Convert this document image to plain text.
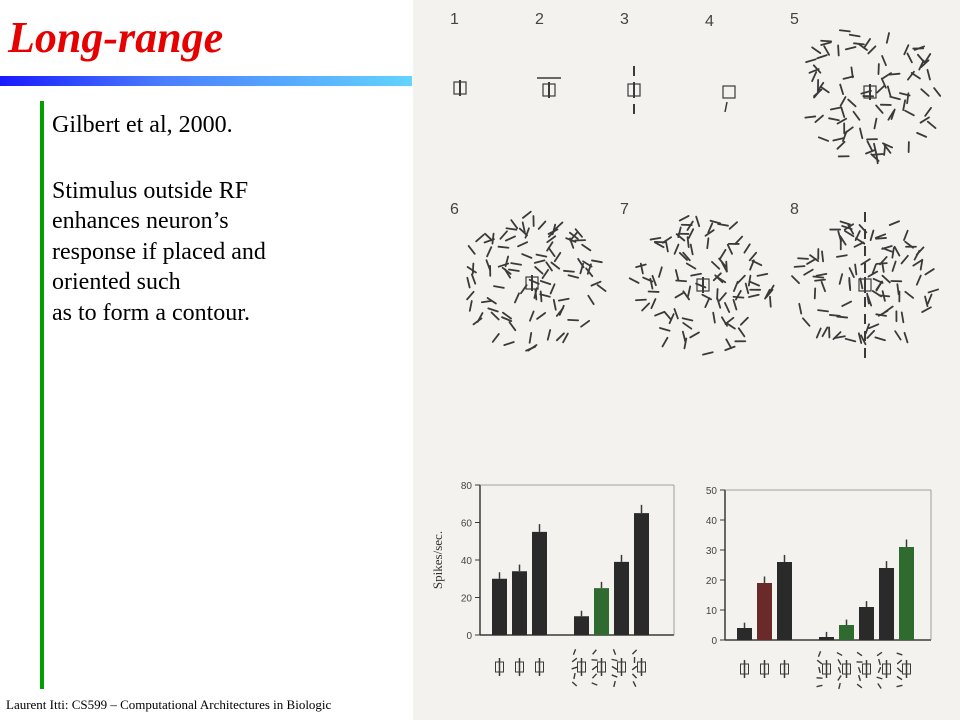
Long-range
Gilbert et al, 2000.
Stimulus outside RF
enhances neuron’s
response if placed and
oriented such
as to form a contour.
Laurent Itti: CS599 – Computational Architectures in Biologic
1	2	3	4	5
6	7	8
0
20
40
60
80
Spikes/sec.
0
10
20
30
40
50
